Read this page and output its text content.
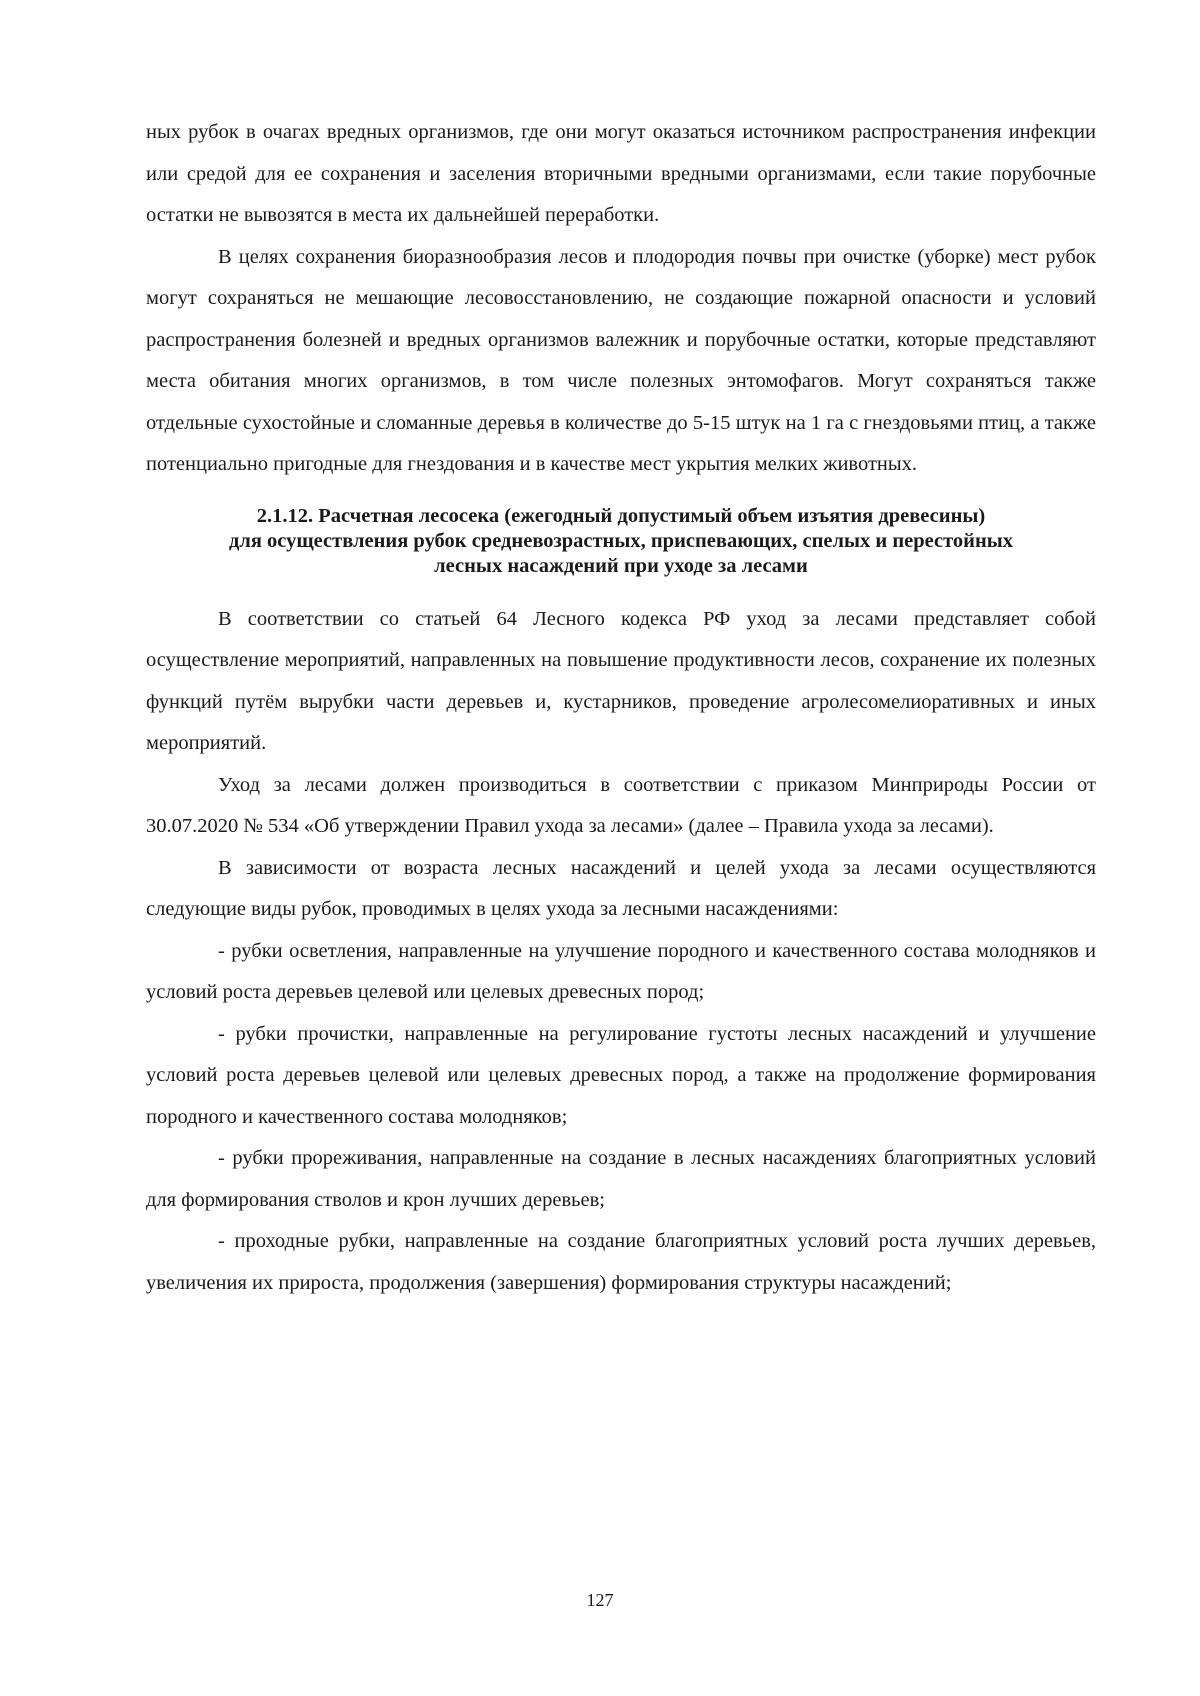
ных рубок в очагах вредных организмов, где они могут оказаться источником распространения инфекции или средой для ее сохранения и заселения вторичными вредными организмами, если такие порубочные остатки не вывозятся в места их дальнейшей переработки.

В целях сохранения биоразнообразия лесов и плодородия почвы при очистке (уборке) мест рубок могут сохраняться не мешающие лесовосстановлению, не создающие пожарной опасности и условий распространения болезней и вредных организмов валежник и порубочные остатки, которые представляют места обитания многих организмов, в том числе полезных энтомофагов. Могут сохраняться также отдельные сухостойные и сломанные деревья в количестве до 5-15 штук на 1 га с гнездовьями птиц, а также потенциально пригодные для гнездования и в качестве мест укрытия мелких животных.

2.1.12. Расчетная лесосека (ежегодный допустимый объем изъятия древесины)
для осуществления рубок средневозрастных, приспевающих, спелых и перестойных
лесных насаждений при уходе за лесами

В соответствии со статьей 64 Лесного кодекса РФ уход за лесами представляет собой осуществление мероприятий, направленных на повышение продуктивности лесов, сохранение их полезных функций путём вырубки части деревьев и, кустарников, проведение агролесомелиоративных и иных мероприятий.

Уход за лесами должен производиться в соответствии с приказом Минприроды России от 30.07.2020 № 534 «Об утверждении Правил ухода за лесами» (далее – Правила ухода за лесами).

В зависимости от возраста лесных насаждений и целей ухода за лесами осуществляются следующие виды рубок, проводимых в целях ухода за лесными насаждениями:

- рубки осветления, направленные на улучшение породного и качественного состава молодняков и условий роста деревьев целевой или целевых древесных пород;

- рубки прочистки, направленные на регулирование густоты лесных насаждений и улучшение условий роста деревьев целевой или целевых древесных пород, а также на продолжение формирования породного и качественного состава молодняков;

- рубки прореживания, направленные на создание в лесных насаждениях благоприятных условий для формирования стволов и крон лучших деревьев;

- проходные рубки, направленные на создание благоприятных условий роста лучших деревьев, увеличения их прироста, продолжения (завершения) формирования структуры насаждений;

127
